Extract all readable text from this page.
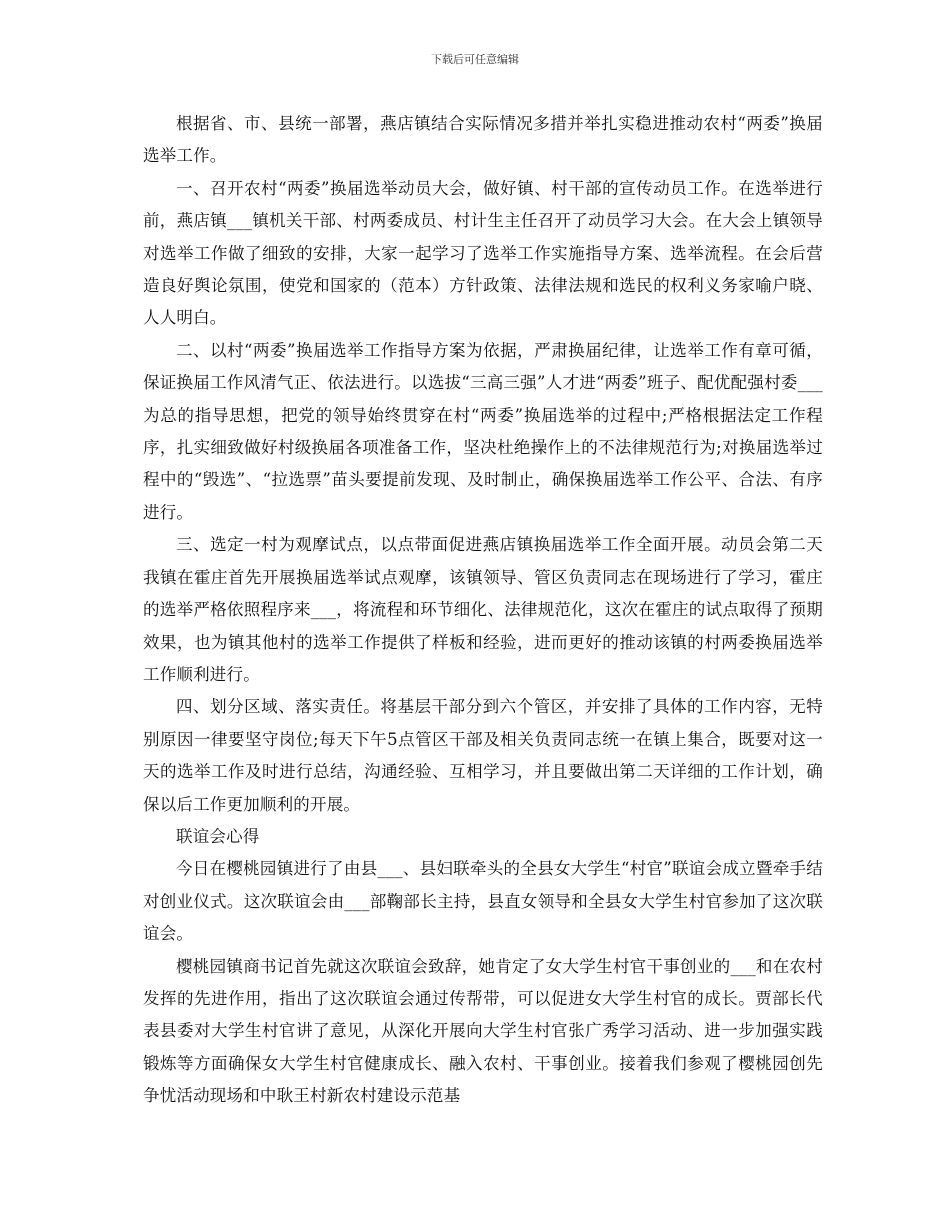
下载后可任意编辑

根据省、市、县统一部署，燕店镇结合实际情况多措并举扎实稳进推动农村“两委”换届选举工作。

一、召开农村“两委”换届选举动员大会，做好镇、村干部的宣传动员工作。在选举进行前，燕店镇___镇机关干部、村两委成员、村计生主任召开了动员学习大会。在大会上镇领导对选举工作做了细致的安排，大家一起学习了选举工作实施指导方案、选举流程。在会后营造良好舆论氛围，使党和国家的（范本）方针政策、法律法规和选民的权利义务家喻户晓、人人明白。

二、以村“两委”换届选举工作指导方案为依据，严肃换届纪律，让选举工作有章可循，保证换届工作风清气正、依法进行。以选拔“三高三强”人才进“两委”班子、配优配强村委___为总的指导思想，把党的领导始终贯穿在村“两委”换届选举的过程中;严格根据法定工作程序，扎实细致做好村级换届各项准备工作，坚决杜绝操作上的不法律规范行为;对换届选举过程中的“毁选”、“拉选票”苗头要提前发现、及时制止，确保换届选举工作公平、合法、有序进行。

三、选定一村为观摩试点，以点带面促进燕店镇换届选举工作全面开展。动员会第二天我镇在霍庄首先开展换届选举试点观摩，该镇领导、管区负责同志在现场进行了学习，霍庄的选举严格依照程序来___，将流程和环节细化、法律规范化，这次在霍庄的试点取得了预期效果，也为镇其他村的选举工作提供了样板和经验，进而更好的推动该镇的村两委换届选举工作顺利进行。

四、划分区域、落实责任。将基层干部分到六个管区，并安排了具体的工作内容，无特别原因一律要坚守岗位;每天下午5点管区干部及相关负责同志统一在镇上集合，既要对这一天的选举工作及时进行总结，沟通经验、互相学习，并且要做出第二天详细的工作计划，确保以后工作更加顺利的开展。

联谊会心得

今日在樱桃园镇进行了由县___、县妇联牵头的全县女大学生“村官”联谊会成立暨牵手结对创业仪式。这次联谊会由___部鞠部长主持，县直女领导和全县女大学生村官参加了这次联谊会。

樱桃园镇商书记首先就这次联谊会致辞，她肯定了女大学生村官干事创业的___和在农村发挥的先进作用，指出了这次联谊会通过传帮带，可以促进女大学生村官的成长。贾部长代表县委对大学生村官讲了意见，从深化开展向大学生村官张广秀学习活动、进一步加强实践锻炼等方面确保女大学生村官健康成长、融入农村、干事创业。接着我们参观了樱桃园创先争忧活动现场和中耿王村新农村建设示范基
